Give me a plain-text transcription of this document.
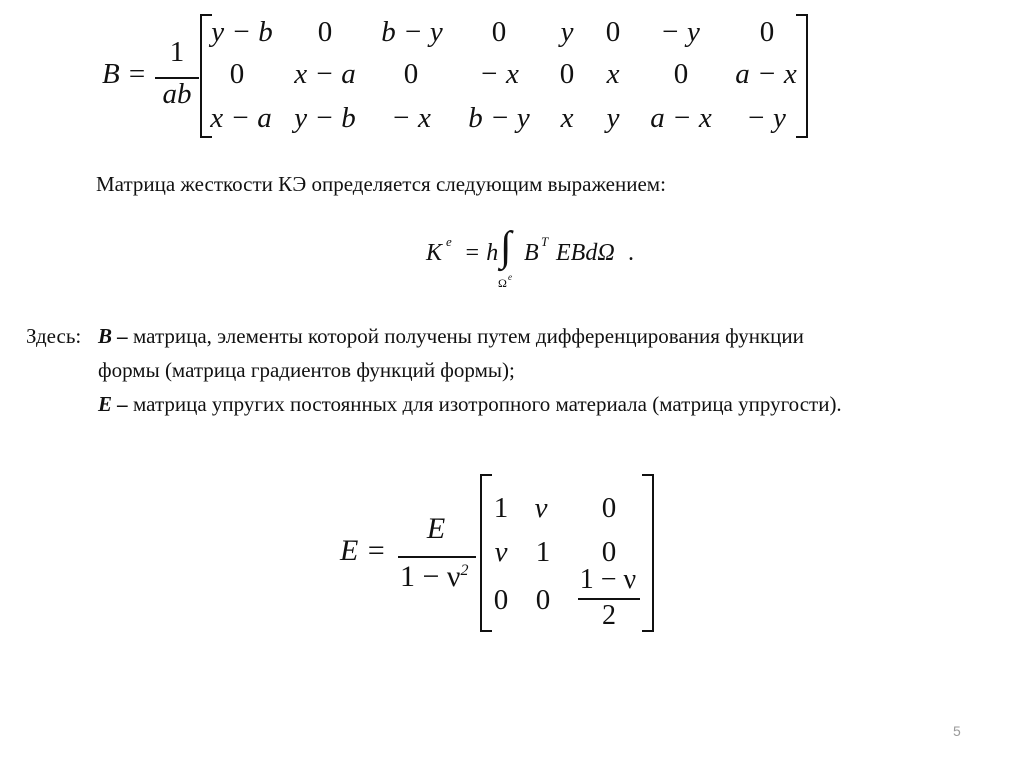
B =
1
ab
y − b 0 b − y 0 y 0 − y 0
0 x − a 0 − x 0 x 0 a − x
x − a y − b − x b − y x y a − x	− y
Матрица жесткости КЭ определяется следующим выражением:
K e = h ∫
Ω e
B T EBdΩ .
Здесь: B – матрица, элементы которой получены путем дифференцирования функции
формы (матрица градиентов функций формы);
E – матрица упругих постоянных для изотропного материала (матрица упругости).
E =
E
$1 - \nu^2$
1 ν 0
ν 1 0
0 0
1 − ν
2
5
